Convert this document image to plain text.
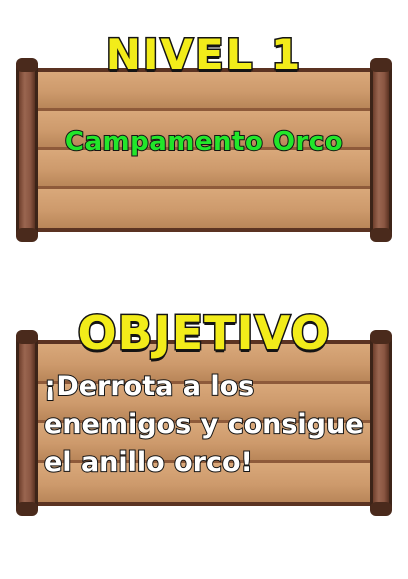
NIVEL 1
Campamento Orco
OBJETIVO
¡Derrota a los
enemigos y consigue
el anillo orco!
